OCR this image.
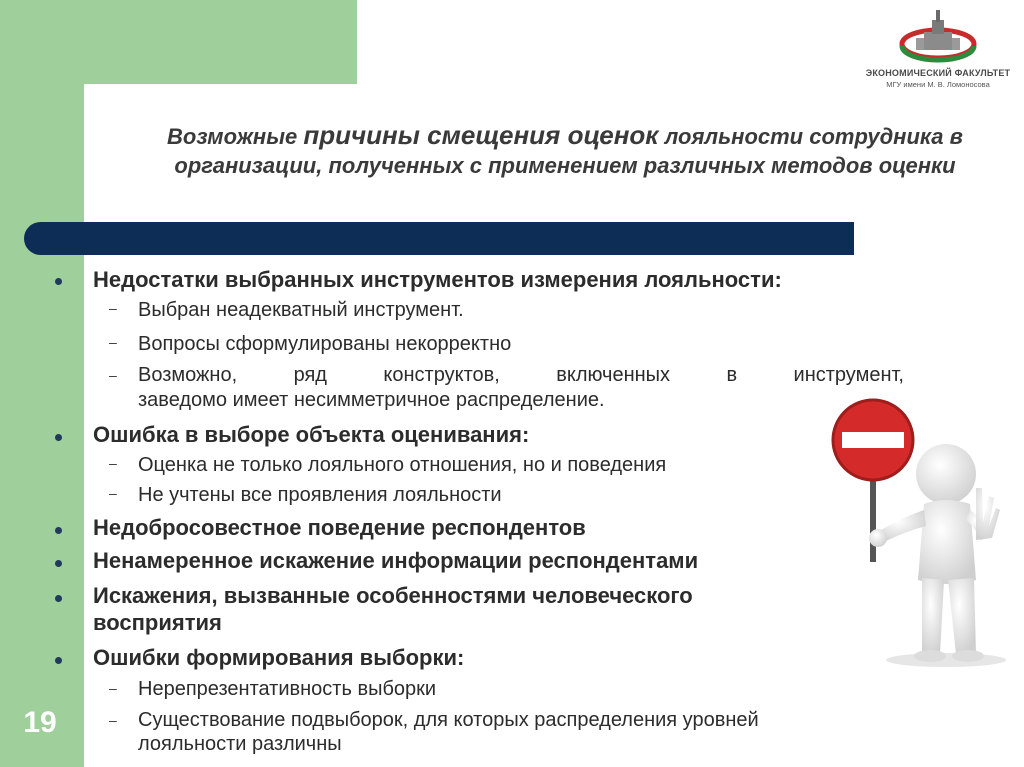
19
ЭКОНОМИЧЕСКИЙ ФАКУЛЬТЕТ
МГУ имени М. В. Ломоносова
Возможные причины смещения оценок лояльности сотрудника в организации, полученных с применением различных методов оценки
Недостатки выбранных инструментов измерения лояльности:
– Выбран неадекватный инструмент.
– Вопросы сформулированы некорректно
– Возможно, ряд конструктов, включенных в инструмент,
заведомо имеет несимметричное распределение.
Ошибка в выборе объекта оценивания:
– Оценка не только лояльного отношения, но и поведения
– Не учтены все проявления лояльности
Недобросовестное поведение респондентов
Ненамеренное искажение информации респондентами
Искажения, вызванные особенностями человеческого
восприятия
Ошибки формирования выборки:
– Нерепрезентативность выборки
– Существование подвыборок, для которых распределения уровней
лояльности различны
